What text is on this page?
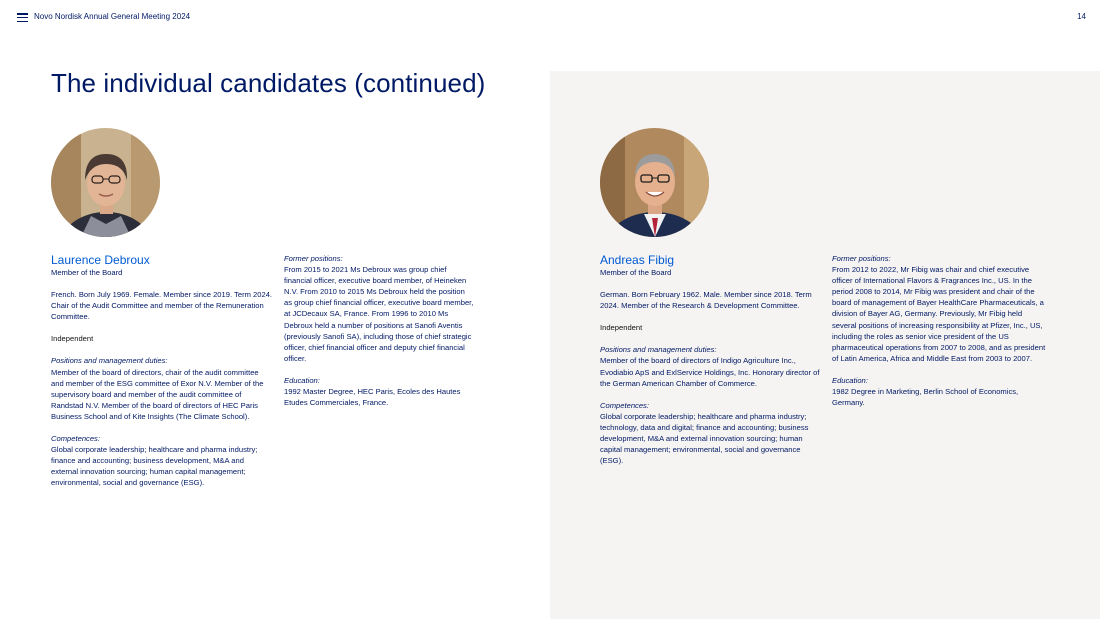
Novo Nordisk Annual General Meeting 2024	14
The individual candidates (continued)

Laurence Debroux

Member of the Board

French. Born July 1969. Female. Member since 2019. Term 2024. Chair of the Audit Committee and member of the Remuneration Committee.

Independent

Positions and management duties:

Member of the board of directors, chair of the audit committee and member of the ESG committee of Exor N.V. Member of the supervisory board and member of the audit committee of Randstad N.V. Member of the board of directors of HEC Paris Business School and of Kite Insights (The Climate School).

Competences:

Global corporate leadership; healthcare and pharma industry; finance and accounting; business development, M&A and external innovation sourcing; human capital management; environmental, social and governance (ESG).

Former positions:

From 2015 to 2021 Ms Debroux was group chief financial officer, executive board member, of Heineken N.V. From 2010 to 2015 Ms Debroux held the position as group chief financial officer, executive board member, at JCDecaux SA, France. From 1996 to 2010 Ms Debroux held a number of positions at Sanofi Aventis (previously Sanofi SA), including those of chief strategic officer, chief financial officer and deputy chief financial officer.

Education:

1992 Master Degree, HEC Paris, Ecoles des Hautes Etudes Commerciales, France.

Andreas Fibig

Member of the Board

German. Born February 1962. Male. Member since 2018. Term 2024. Member of the Research & Development Committee.

Independent

Positions and management duties:

Member of the board of directors of Indigo Agriculture Inc., Evodiabio ApS and ExlService Holdings, Inc. Honorary director of the German American Chamber of Commerce.

Competences:

Global corporate leadership; healthcare and pharma industry; technology, data and digital; finance and accounting; business development, M&A and external innovation sourcing; human capital management; environmental, social and governance (ESG).

Former positions:

From 2012 to 2022, Mr Fibig was chair and chief executive officer of International Flavors & Fragrances Inc., US. In the period 2008 to 2014, Mr Fibig was president and chair of the board of management of Bayer HealthCare Pharmaceuticals, a division of Bayer AG, Germany. Previously, Mr Fibig held several positions of increasing responsibility at Pfizer, Inc., US, including the roles as senior vice president of the US pharmaceutical operations from 2007 to 2008, and as president of Latin America, Africa and Middle East from 2003 to 2007.

Education:

1982 Degree in Marketing, Berlin School of Economics, Germany.
